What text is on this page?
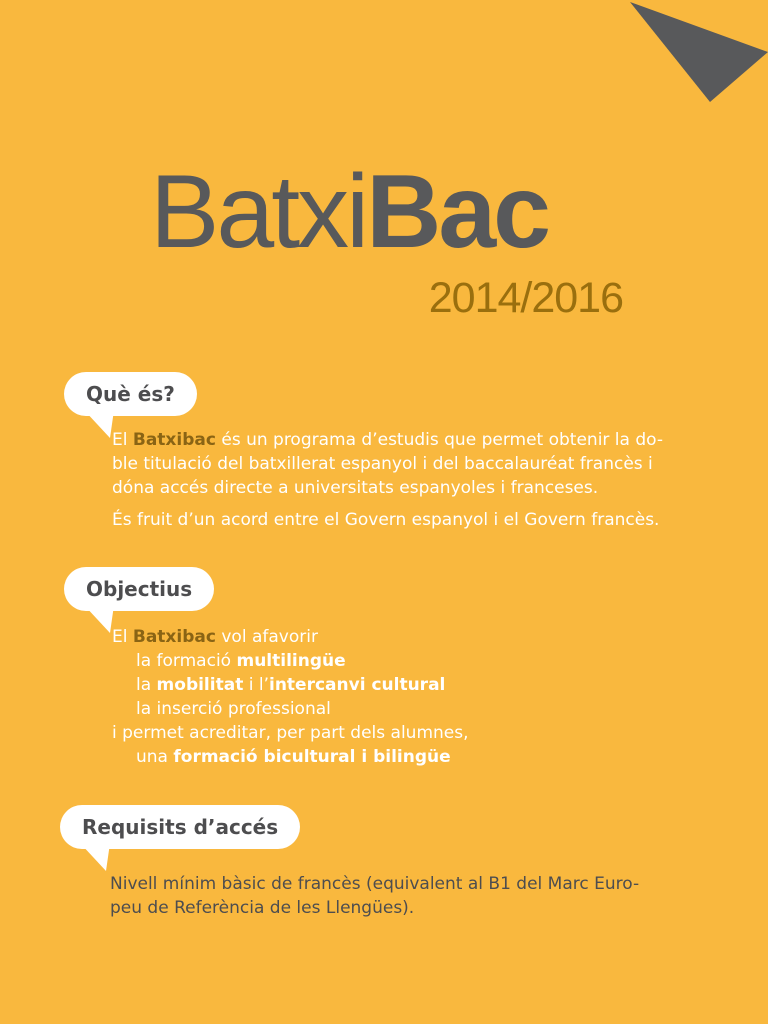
BatxiBac
2014/2016
Què és?

El Batxibac és un programa d’estudis que permet obtenir la do-
ble titulació del batxillerat espanyol i del baccalauréat francès i
dóna accés directe a universitats espanyoles i franceses.

És fruit d’un acord entre el Govern espanyol i el Govern francès.

Objectius
El Batxibac vol afavorir
la formació multilingüe
la mobilitat i l’intercanvi cultural
la inserció professional
i permet acreditar, per part dels alumnes,
una formació bicultural i bilingüe
Requisits d’accés
Nivell mínim bàsic de francès (equivalent al B1 del Marc Euro-
peu de Referència de les Llengües).
